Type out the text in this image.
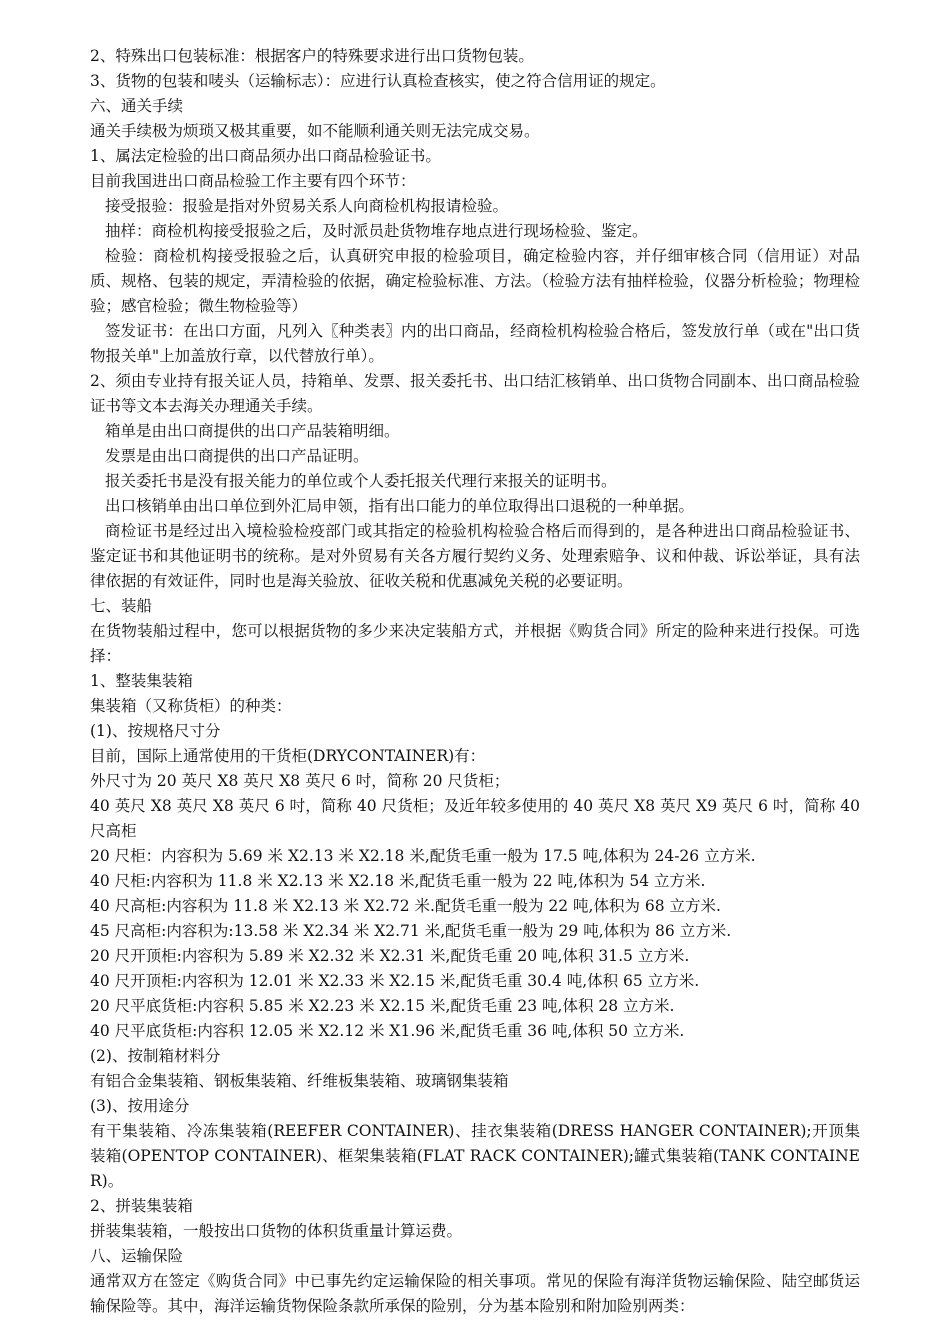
2、特殊出口包装标准：根据客户的特殊要求进行出口货物包装。

3、货物的包装和唛头（运输标志）：应进行认真检查核实，使之符合信用证的规定。

六、通关手续

通关手续极为烦琐又极其重要，如不能顺利通关则无法完成交易。

1、属法定检验的出口商品须办出口商品检验证书。

目前我国进出口商品检验工作主要有四个环节：

接受报验：报验是指对外贸易关系人向商检机构报请检验。

抽样：商检机构接受报验之后，及时派员赴货物堆存地点进行现场检验、鉴定。

检验：商检机构接受报验之后，认真研究申报的检验项目，确定检验内容，并仔细审核合同（信用证）对品质、规格、包装的规定，弄清检验的依据，确定检验标准、方法。（检验方法有抽样检验，仪器分析检验；物理检验；感官检验；微生物检验等）

签发证书：在出口方面，凡列入〖种类表〗内的出口商品，经商检机构检验合格后，签发放行单（或在"出口货物报关单"上加盖放行章，以代替放行单）。

2、须由专业持有报关证人员，持箱单、发票、报关委托书、出口结汇核销单、出口货物合同副本、出口商品检验证书等文本去海关办理通关手续。

箱单是由出口商提供的出口产品装箱明细。

发票是由出口商提供的出口产品证明。

报关委托书是没有报关能力的单位或个人委托报关代理行来报关的证明书。

出口核销单由出口单位到外汇局申领，指有出口能力的单位取得出口退税的一种单据。

商检证书是经过出入境检验检疫部门或其指定的检验机构检验合格后而得到的，是各种进出口商品检验证书、鉴定证书和其他证明书的统称。是对外贸易有关各方履行契约义务、处理索赔争、议和仲裁、诉讼举证，具有法律依据的有效证件，同时也是海关验放、征收关税和优惠减免关税的必要证明。

七、装船

在货物装船过程中，您可以根据货物的多少来决定装船方式，并根据《购货合同》所定的险种来进行投保。可选择：

1、整装集装箱

集装箱（又称货柜）的种类：

(1)、按规格尺寸分

目前，国际上通常使用的干货柜(DRYCONTAINER)有：

外尺寸为 20 英尺 X8 英尺 X8 英尺 6 吋，简称 20 尺货柜；

40 英尺 X8 英尺 X8 英尺 6 吋，简称 40 尺货柜；及近年较多使用的 40 英尺 X8 英尺 X9 英尺 6 吋，简称 40 尺高柜

20 尺柜：内容积为 5.69 米 X2.13 米 X2.18 米,配货毛重一般为 17.5 吨,体积为 24-26 立方米.

40 尺柜:内容积为 11.8 米 X2.13 米 X2.18 米,配货毛重一般为 22 吨,体积为 54 立方米.

40 尺高柜:内容积为 11.8 米 X2.13 米 X2.72 米.配货毛重一般为 22 吨,体积为 68 立方米.

45 尺高柜:内容积为:13.58 米 X2.34 米 X2.71 米,配货毛重一般为 29 吨,体积为 86 立方米.

20 尺开顶柜:内容积为 5.89 米 X2.32 米 X2.31 米,配货毛重 20 吨,体积 31.5 立方米.

40 尺开顶柜:内容积为 12.01 米 X2.33 米 X2.15 米,配货毛重 30.4 吨,体积 65 立方米.

20 尺平底货柜:内容积 5.85 米 X2.23 米 X2.15 米,配货毛重 23 吨,体积 28 立方米.

40 尺平底货柜:内容积 12.05 米 X2.12 米 X1.96 米,配货毛重 36 吨,体积 50 立方米.

(2)、按制箱材料分

有铝合金集装箱、钢板集装箱、纤维板集装箱、玻璃钢集装箱

(3)、按用途分

有干集装箱、冷冻集装箱(REEFER CONTAINER)、挂衣集装箱(DRESS HANGER CONTAINER);开顶集装箱(OPENTOP CONTAINER)、框架集装箱(FLAT RACK CONTAINER);罐式集装箱(TANK CONTAINER)。

2、拼装集装箱

拼装集装箱，一般按出口货物的体积货重量计算运费。

八、运输保险

通常双方在签定《购货合同》中已事先约定运输保险的相关事项。常见的保险有海洋货物运输保险、陆空邮货运输保险等。其中，海洋运输货物保险条款所承保的险别，分为基本险别和附加险别两类：
